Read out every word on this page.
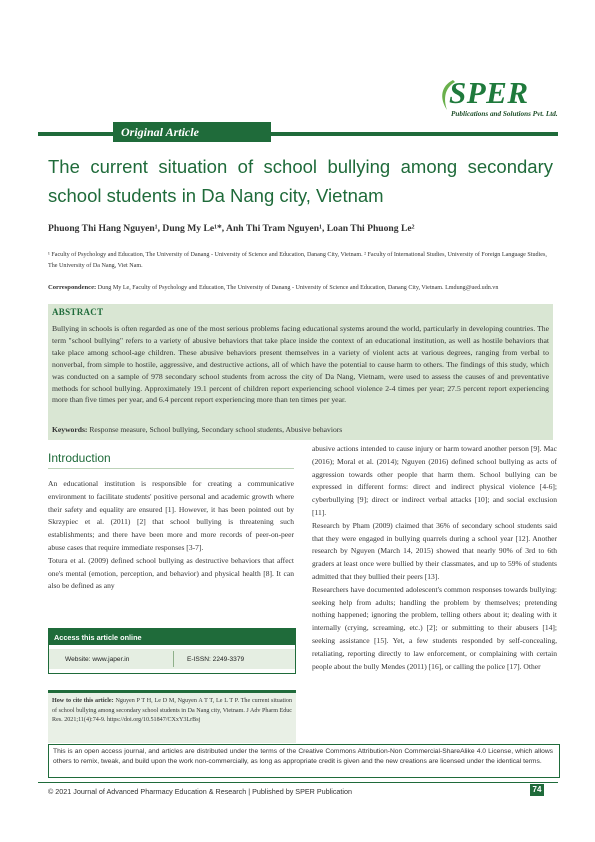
SPER
Publications and Solutions Pvt. Ltd.
Original Article
The current situation of school bullying among secondary school students in Da Nang city, Vietnam
Phuong Thi Hang Nguyen¹, Dung My Le¹*, Anh Thi Tram Nguyen¹, Loan Thi Phuong Le²
¹ Faculty of Psychology and Education, The University of Danang - University of Science and Education, Danang City, Vietnam. ² Faculty of International Studies, University of Foreign Language Studies, The University of Da Nang, Viet Nam.
Correspondence: Dung My Le, Faculty of Psychology and Education, The University of Danang - University of Science and Education, Danang City, Vietnam. Lmdung@ued.udn.vn
ABSTRACT
Bullying in schools is often regarded as one of the most serious problems facing educational systems around the world, particularly in developing countries. The term "school bullying" refers to a variety of abusive behaviors that take place inside the context of an educational institution, as well as hostile behaviors that take place among school-age children. These abusive behaviors present themselves in a variety of violent acts at various degrees, ranging from verbal to nonverbal, from simple to hostile, aggressive, and destructive actions, all of which have the potential to cause harm to others. The findings of this study, which was conducted on a sample of 978 secondary school students from across the city of Da Nang, Vietnam, were used to assess the causes of and preventative methods for school bullying. Approximately 19.1 percent of children report experiencing school violence 2-4 times per year; 27.5 percent report experiencing more than five times per year, and 6.4 percent report experiencing more than ten times per year.
Keywords: Response measure, School bullying, Secondary school students, Abusive behaviors
Introduction

An educational institution is responsible for creating a communicative environment to facilitate students' positive personal and academic growth where their safety and equality are ensured [1]. However, it has been pointed out by Skrzypiec et al. (2011) [2] that school bullying is threatening such establishments; and there have been more and more records of peer-on-peer abuse cases that require immediate responses [3-7].

Totura et al. (2009) defined school bullying as destructive behaviors that affect one's mental (emotion, perception, and behavior) and physical health [8]. It can also be defined as any

abusive actions intended to cause injury or harm toward another person [9]. Mac (2016); Moral et al. (2014); Nguyen (2016) defined school bullying as acts of aggression towards other people that harm them. School bullying can be expressed in different forms: direct and indirect physical violence [4-6]; cyberbullying [9]; direct or indirect verbal attacks [10]; and social exclusion [11].

Research by Pham (2009) claimed that 36% of secondary school students said that they were engaged in bullying quarrels during a school year [12]. Another research by Nguyen (March 14, 2015) showed that nearly 90% of 3rd to 6th graders at least once were bullied by their classmates, and up to 59% of students admitted that they bullied their peers [13].

Researchers have documented adolescent's common responses towards bullying: seeking help from adults; handling the problem by themselves; pretending nothing happened; ignoring the problem, telling others about it; dealing with it internally (crying, screaming, etc.) [2]; or submitting to their abusers [14]; seeking assistance [15]. Yet, a few students responded by self-concealing, retaliating, reporting directly to law enforcement, or complaining with certain people about the bully Mendes (2011) [16], or calling the police [17]. Other

Access this article online
Website: www.japer.in	E-ISSN: 2249-3379
How to cite this article: Nguyen P T H, Le D M, Nguyen A T T, Le L T P. The current situation of school bullying among secondary school students in Da Nang city, Vietnam. J Adv Pharm Educ Res. 2021;11(4):74-9. https://doi.org/10.51847/CXxY3LrBsj
This is an open access journal, and articles are distributed under the terms of the Creative Commons Attribution-Non Commercial-ShareAlike 4.0 License, which allows others to remix, tweak, and build upon the work non-commercially, as long as appropriate credit is given and the new creations are licensed under the identical terms.
© 2021 Journal of Advanced Pharmacy Education & Research | Published by SPER Publication	74
